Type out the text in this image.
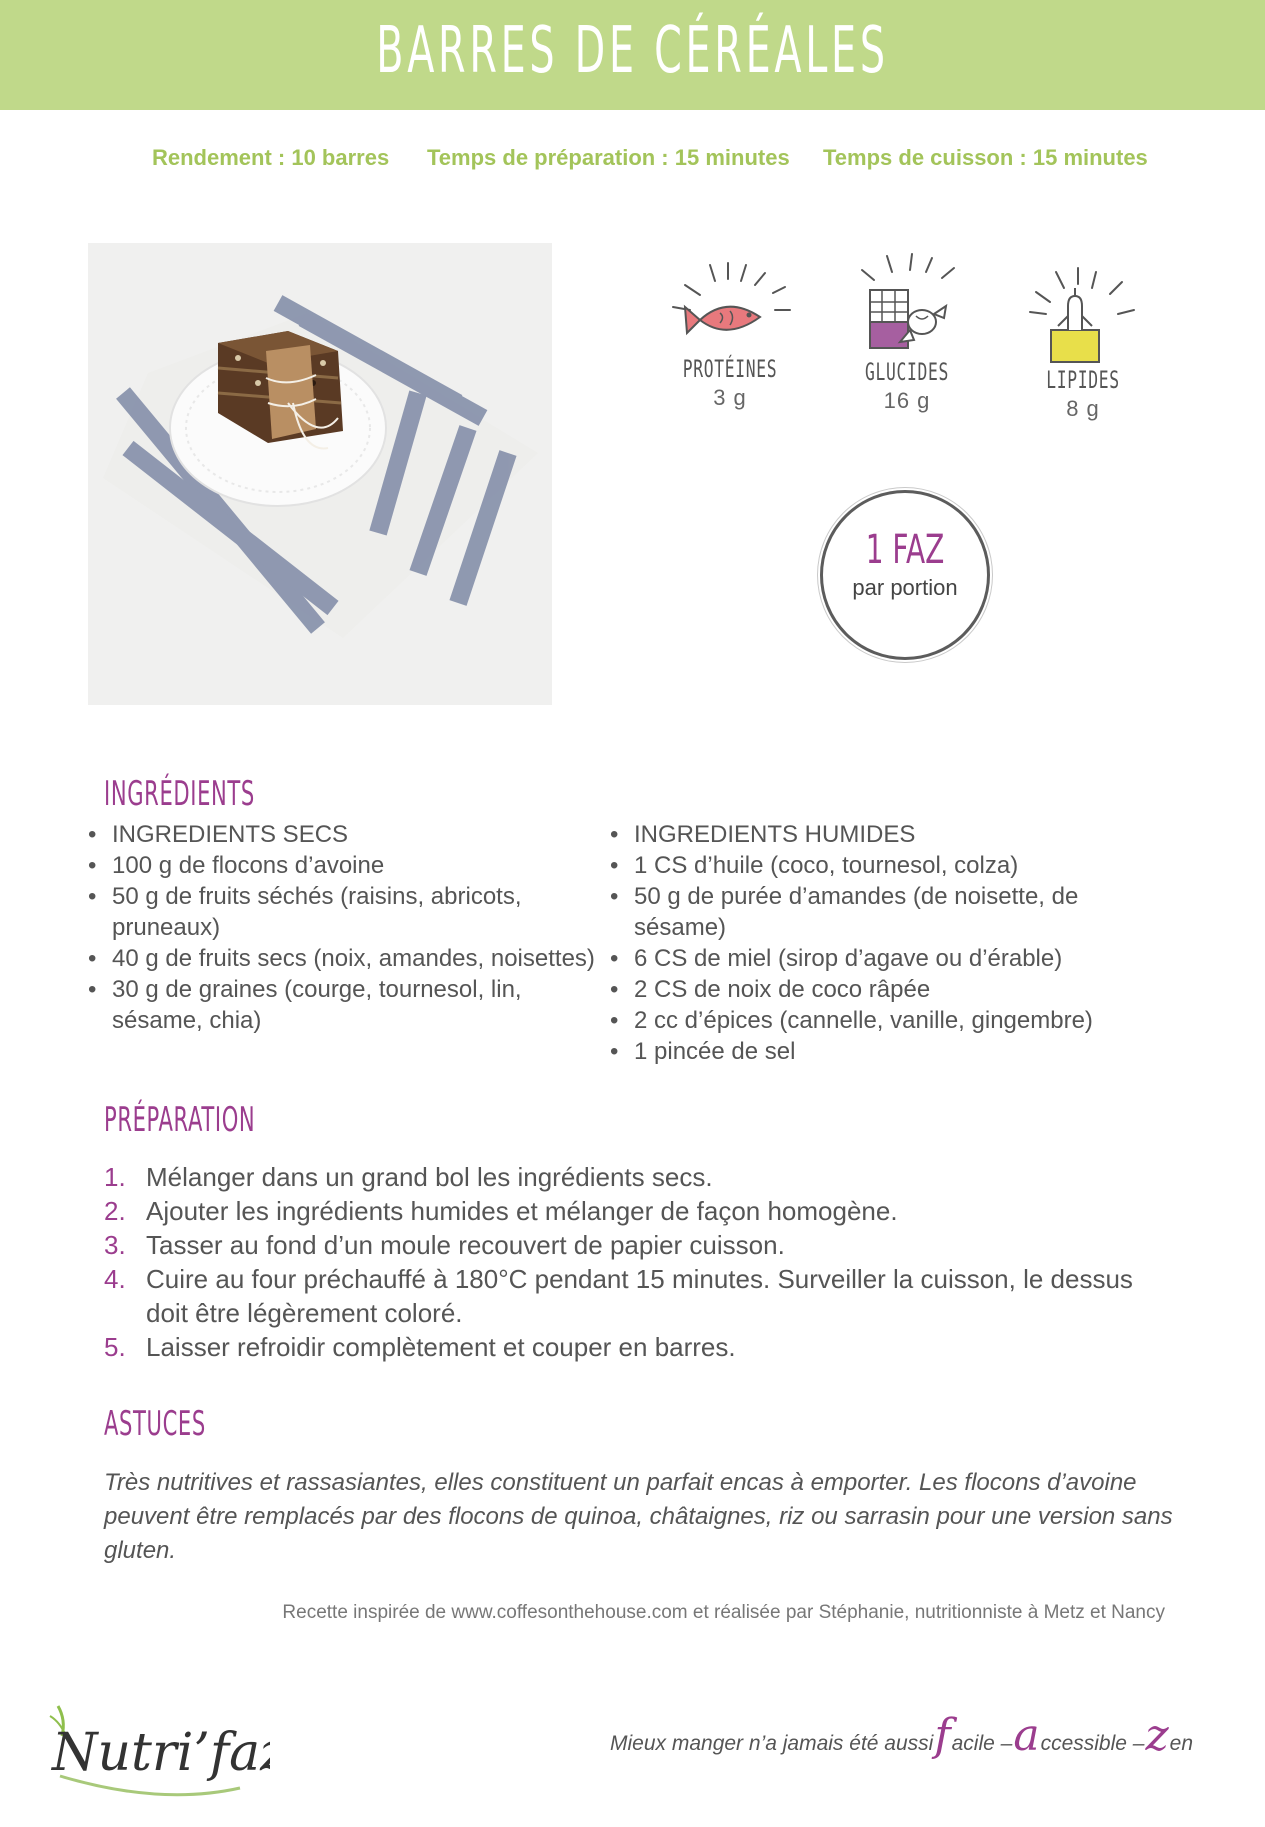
BARRES DE CÉRÉALES
Rendement : 10 barres Temps de préparation : 15 minutes Temps de cuisson : 15 minutes
PROTÉINES
3 g
GLUCIDES
16 g
LIPIDES
8 g
1 FAZ
par portion
INGRÉDIENTS
• INGREDIENTS SECS
• 100 g de flocons d’avoine
• 50 g de fruits séchés (raisins, abricots, pruneaux)
• 40 g de fruits secs (noix, amandes, noisettes)
• 30 g de graines (courge, tournesol, lin, sésame, chia)
• INGREDIENTS HUMIDES
• 1 CS d’huile (coco, tournesol, colza)
• 50 g de purée d’amandes (de noisette, de sésame)
• 6 CS de miel (sirop d’agave ou d’érable)
• 2 CS de noix de coco râpée
• 2 cc d’épices (cannelle, vanille, gingembre)
• 1 pincée de sel
PRÉPARATION
1. Mélanger dans un grand bol les ingrédients secs.
2. Ajouter les ingrédients humides et mélanger de façon homogène.
3. Tasser au fond d’un moule recouvert de papier cuisson.
4. Cuire au four préchauffé à 180°C pendant 15 minutes. Surveiller la cuisson, le dessus doit être légèrement coloré.
5. Laisser refroidir complètement et couper en barres.
ASTUCES

Très nutritives et rassasiantes, elles constituent un parfait encas à emporter. Les flocons d’avoine peuvent être remplacés par des flocons de quinoa, châtaignes, riz ou sarrasin pour une version sans gluten.

Recette inspirée de www.coffesonthehouse.com et réalisée par Stéphanie, nutritionniste à Metz et Nancy
Nutri’faz	Mieux manger n’a jamais été aussi f acile – a ccessible – z en
